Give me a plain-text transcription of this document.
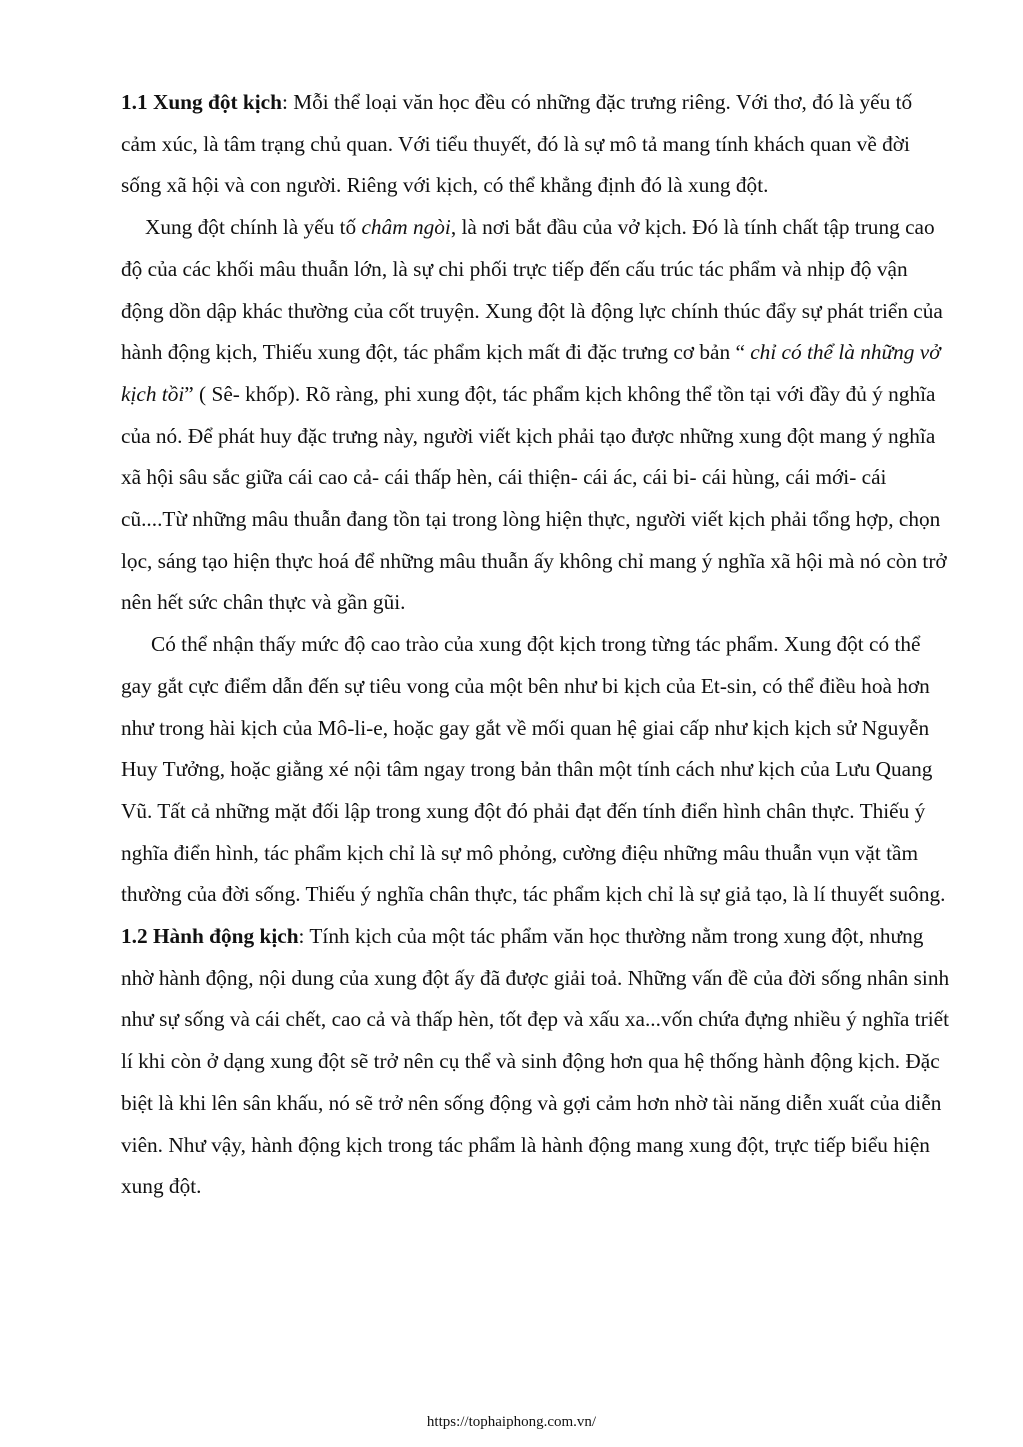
1.1 Xung đột kịch: Mỗi thể loại văn học đều có những đặc trưng riêng. Với thơ, đó là yếu tố cảm xúc, là tâm trạng chủ quan. Với tiểu thuyết, đó là sự mô tả mang tính khách quan về đời sống xã hội và con người. Riêng với kịch, có thể khẳng định đó là xung đột.

Xung đột chính là yếu tố châm ngòi, là nơi bắt đầu của vở kịch. Đó là tính chất tập trung cao độ của các khối mâu thuẫn lớn, là sự chi phối trực tiếp đến cấu trúc tác phẩm và nhịp độ vận động dồn dập khác thường của cốt truyện. Xung đột là động lực chính thúc đẩy sự phát triển của hành động kịch, Thiếu xung đột, tác phẩm kịch mất đi đặc trưng cơ bản “ chỉ có thể là những vở kịch tồi” ( Sê- khốp). Rõ ràng, phi xung đột, tác phẩm kịch không thể tồn tại với đầy đủ ý nghĩa của nó. Để phát huy đặc trưng này, người viết kịch phải tạo được những xung đột mang ý nghĩa xã hội sâu sắc giữa cái cao cả- cái thấp hèn, cái thiện- cái ác, cái bi- cái hùng, cái mới- cái cũ....Từ những mâu thuẫn đang tồn tại trong lòng hiện thực, người viết kịch phải tổng hợp, chọn lọc, sáng tạo hiện thực hoá để những mâu thuẫn ấy không chỉ mang ý nghĩa xã hội mà nó còn trở nên hết sức chân thực và gần gũi.

Có thể nhận thấy mức độ cao trào của xung đột kịch trong từng tác phẩm. Xung đột có thể gay gắt cực điểm dẫn đến sự tiêu vong của một bên như bi kịch của Et-sin, có thể điều hoà hơn như trong hài kịch của Mô-li-e, hoặc gay gắt về mối quan hệ giai cấp như kịch kịch sử Nguyễn Huy Tưởng, hoặc giằng xé nội tâm ngay trong bản thân một tính cách như kịch của Lưu Quang Vũ. Tất cả những mặt đối lập trong xung đột đó phải đạt đến tính điển hình chân thực. Thiếu ý nghĩa điển hình, tác phẩm kịch chỉ là sự mô phỏng, cường điệu những mâu thuẫn vụn vặt tầm thường của đời sống. Thiếu ý nghĩa chân thực, tác phẩm kịch chỉ là sự giả tạo, là lí thuyết suông.

1.2 Hành động kịch: Tính kịch của một tác phẩm văn học thường nằm trong xung đột, nhưng nhờ hành động, nội dung của xung đột ấy đã được giải toả. Những vấn đề của đời sống nhân sinh như sự sống và cái chết, cao cả và thấp hèn, tốt đẹp và xấu xa...vốn chứa đựng nhiều ý nghĩa triết lí khi còn ở dạng xung đột sẽ trở nên cụ thể và sinh động hơn qua hệ thống hành động kịch. Đặc biệt là khi lên sân khấu, nó sẽ trở nên sống động và gợi cảm hơn nhờ tài năng diễn xuất của diễn viên. Như vậy, hành động kịch trong tác phẩm là hành động mang xung đột, trực tiếp biểu hiện xung đột.

https://tophaiphong.com.vn/
